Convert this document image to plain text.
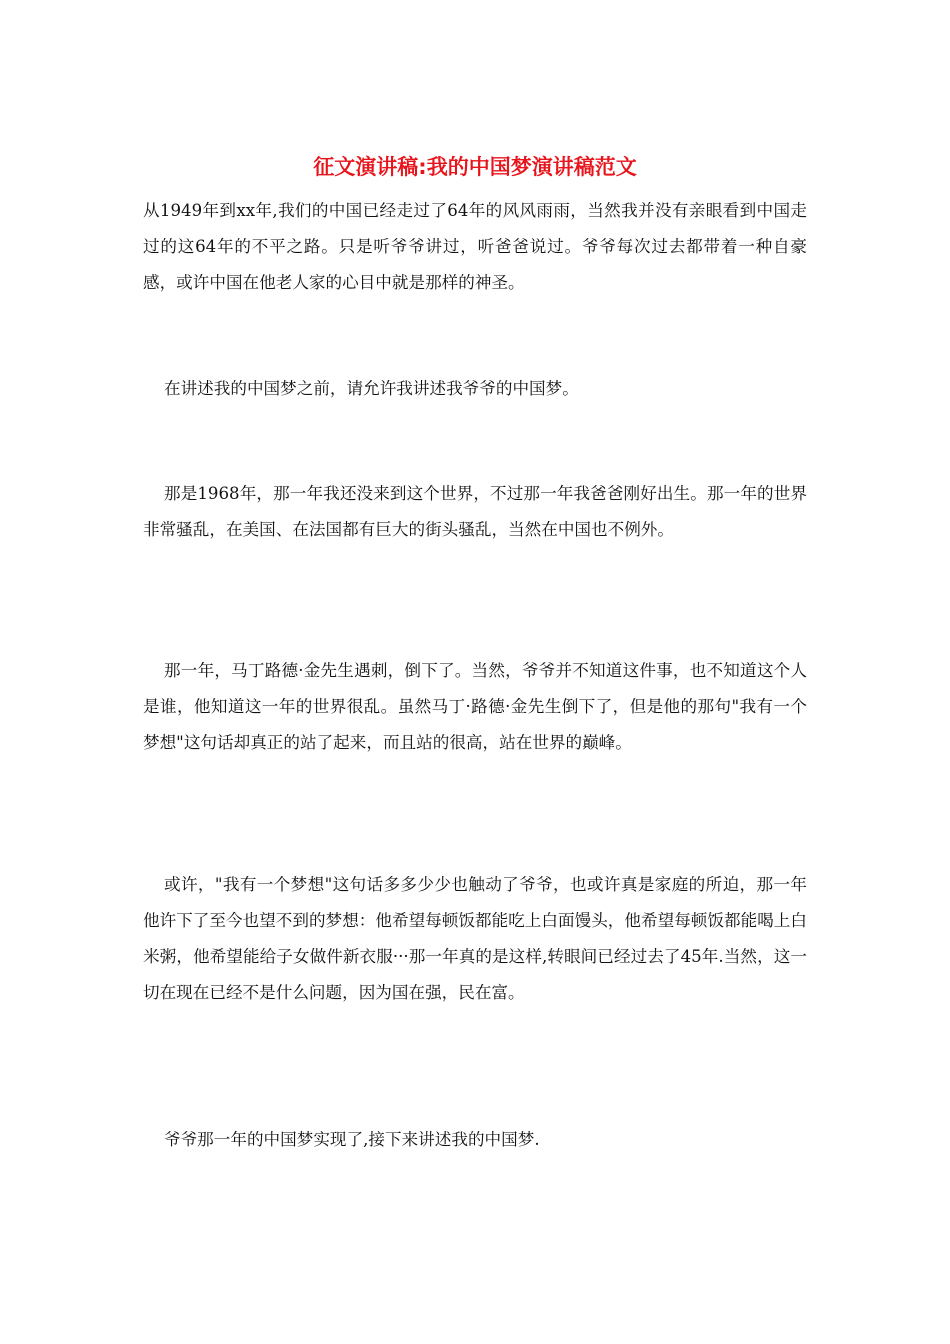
征文演讲稿:我的中国梦演讲稿范文

从1949年到xx年,我们的中国已经走过了64年的风风雨雨，当然我并没有亲眼看到中国走过的这64年的不平之路。只是听爷爷讲过，听爸爸说过。爷爷每次过去都带着一种自豪感，或许中国在他老人家的心目中就是那样的神圣。

在讲述我的中国梦之前，请允许我讲述我爷爷的中国梦。

那是1968年，那一年我还没来到这个世界，不过那一年我爸爸刚好出生。那一年的世界非常骚乱，在美国、在法国都有巨大的街头骚乱，当然在中国也不例外。

那一年，马丁路德·金先生遇刺，倒下了。当然，爷爷并不知道这件事，也不知道这个人是谁，他知道这一年的世界很乱。虽然马丁·路德·金先生倒下了，但是他的那句"我有一个梦想"这句话却真正的站了起来，而且站的很高，站在世界的巅峰。

或许，"我有一个梦想"这句话多多少少也触动了爷爷，也或许真是家庭的所迫，那一年他许下了至今也望不到的梦想：他希望每顿饭都能吃上白面馒头，他希望每顿饭都能喝上白米粥，他希望能给子女做件新衣服···那一年真的是这样,转眼间已经过去了45年.当然，这一切在现在已经不是什么问题，因为国在强，民在富。

爷爷那一年的中国梦实现了,接下来讲述我的中国梦.
